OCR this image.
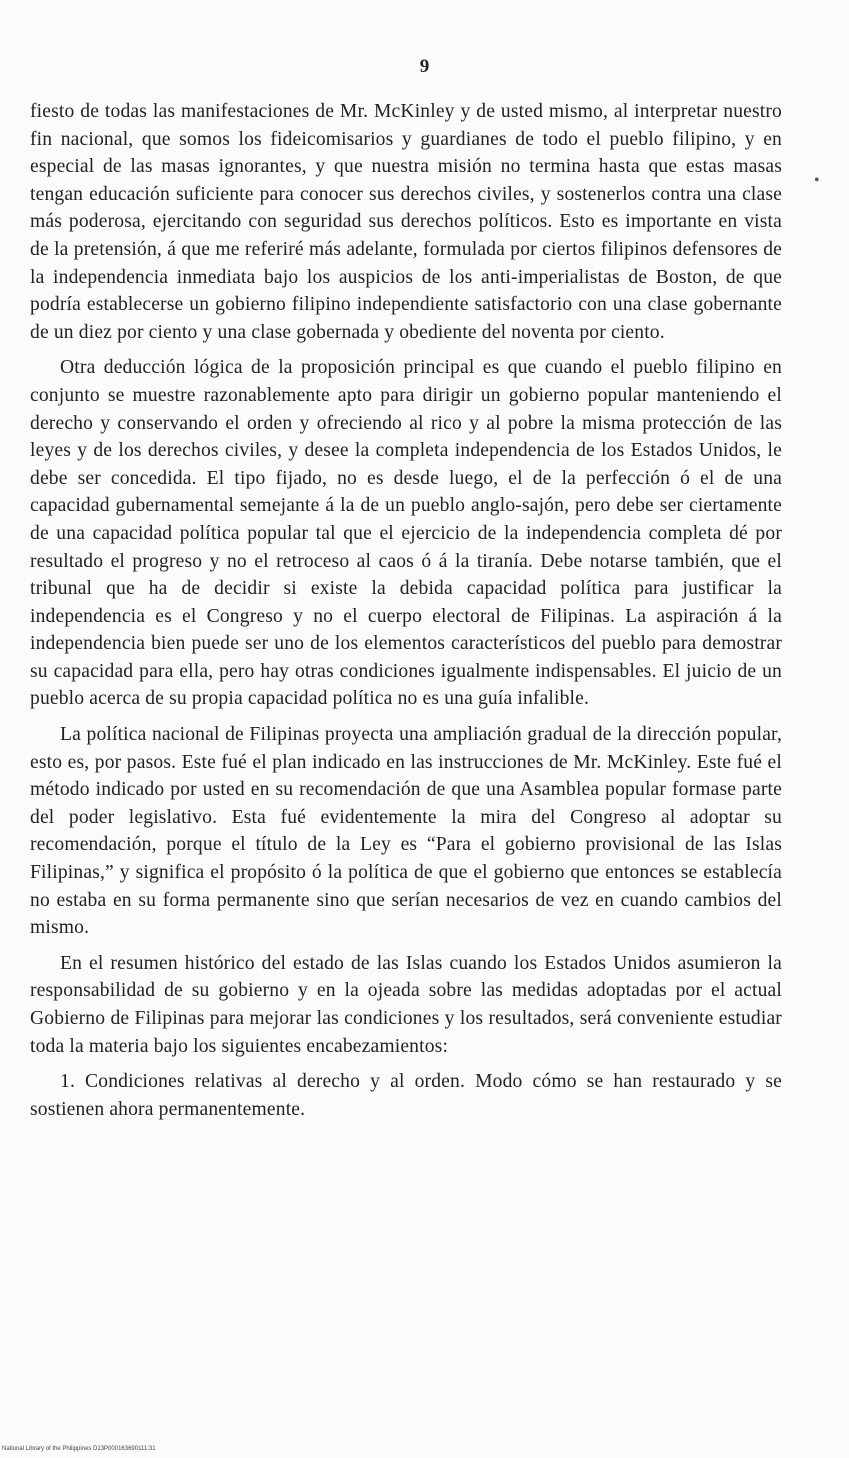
9

fiesto de todas las manifestaciones de Mr. McKinley y de usted mismo, al interpretar nuestro fin nacional, que somos los fideicomisarios y guardianes de todo el pueblo filipino, y en especial de las masas ignorantes, y que nuestra misión no termina hasta que estas masas tengan educación suficiente para conocer sus derechos civiles, y sostenerlos contra una clase más poderosa, ejercitando con seguridad sus derechos políticos. Esto es importante en vista de la pretensión, á que me referiré más adelante, formulada por ciertos filipinos defensores de la independencia inmediata bajo los auspicios de los anti-imperialistas de Boston, de que podría establecerse un gobierno filipino independiente satisfactorio con una clase gobernante de un diez por ciento y una clase gobernada y obediente del noventa por ciento.

Otra deducción lógica de la proposición principal es que cuando el pueblo filipino en conjunto se muestre razonablemente apto para dirigir un gobierno popular manteniendo el derecho y conservando el orden y ofreciendo al rico y al pobre la misma protección de las leyes y de los derechos civiles, y desee la completa independencia de los Estados Unidos, le debe ser concedida. El tipo fijado, no es desde luego, el de la perfección ó el de una capacidad gubernamental semejante á la de un pueblo anglo-sajón, pero debe ser ciertamente de una capacidad política popular tal que el ejercicio de la independencia completa dé por resultado el progreso y no el retroceso al caos ó á la tiranía. Debe notarse también, que el tribunal que ha de decidir si existe la debida capacidad política para justificar la independencia es el Congreso y no el cuerpo electoral de Filipinas. La aspiración á la independencia bien puede ser uno de los elementos característicos del pueblo para demostrar su capacidad para ella, pero hay otras condiciones igualmente indispensables. El juicio de un pueblo acerca de su propia capacidad política no es una guía infalible.

La política nacional de Filipinas proyecta una ampliación gradual de la dirección popular, esto es, por pasos. Este fué el plan indicado en las instrucciones de Mr. McKinley. Este fué el método indicado por usted en su recomendación de que una Asamblea popular formase parte del poder legislativo. Esta fué evidentemente la mira del Congreso al adoptar su recomendación, porque el título de la Ley es “Para el gobierno provisional de las Islas Filipinas,” y significa el propósito ó la política de que el gobierno que entonces se establecía no estaba en su forma permanente sino que serían necesarios de vez en cuando cambios del mismo.

En el resumen histórico del estado de las Islas cuando los Estados Unidos asumieron la responsabilidad de su gobierno y en la ojeada sobre las medidas adoptadas por el actual Gobierno de Filipinas para mejorar las condiciones y los resultados, será conveniente estudiar toda la materia bajo los siguientes encabezamientos:

1. Condiciones relativas al derecho y al orden. Modo cómo se han restaurado y se sostienen ahora permanentemente.

•
National Library of the Philippines D13P000163690111:31
